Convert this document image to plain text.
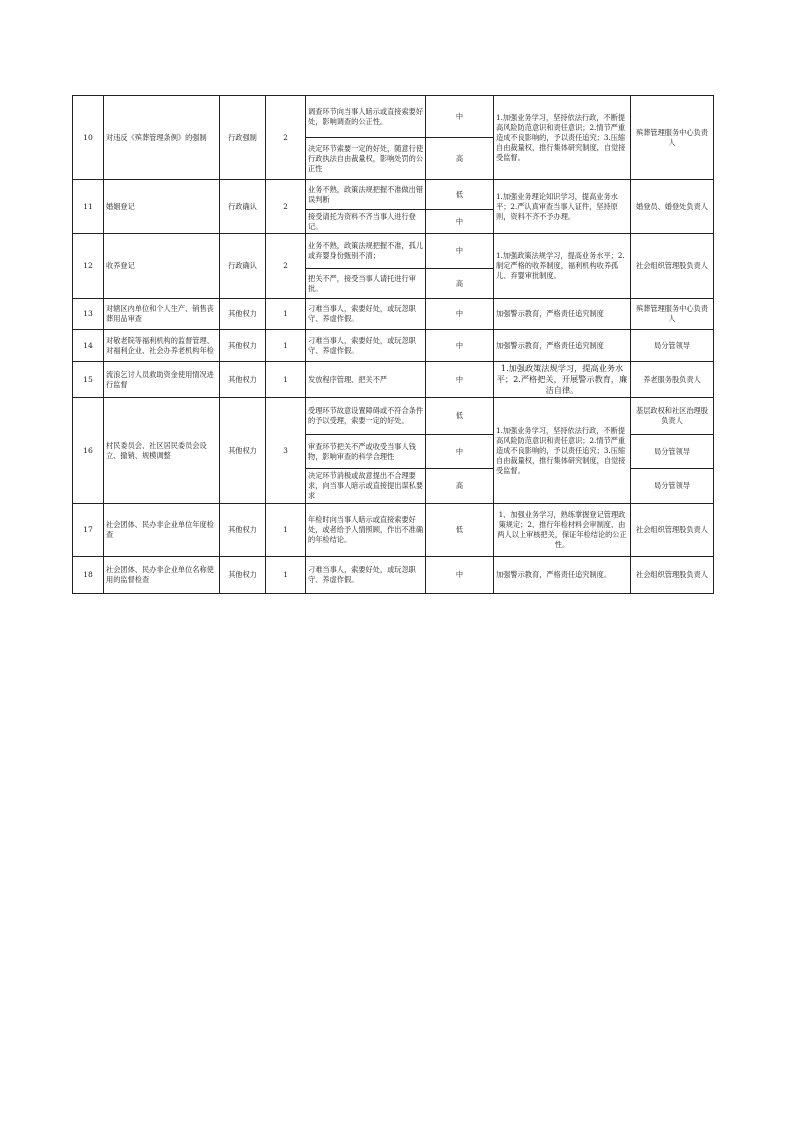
10	对违反《殡葬管理条例》的强制	行政强制	2	调查环节向当事人暗示或直接索要好处，影响调查的公正性。	中	1.加强业务学习，坚持依法行政，不断提高风险防范意识和责任意识；2.情节严重造成不良影响的，予以责任追究；3.压缩自由裁量权，推行集体研究制度，自觉接受监督。	殡葬管理服务中心负责人
				决定环节索要一定的好处，随意行使行政执法自由裁量权，影响处罚的公正性	高		
11	婚姻登记	行政确认	2	业务不熟，政策法规把握不准做出错误判断	低	1.加强业务理论知识学习，提高业务水平；2.严认真审查当事人证件，坚持原则，资料不齐不予办理。	婚登员、婚登处负责人
				接受请托为资料不齐当事人进行登记。	中		
12	收养登记	行政确认	2	业务不熟，政策法规把握不准，孤儿或弃婴身份甄别不清；	中	1.加强政策法规学习，提高业务水平；2.制定严格的收养制度，福利机构收养孤儿、弃婴审批制度。	社会组织管理股负责人
				把关不严，接受当事人请托进行审批。	高		
13	对辖区内单位和个人生产、销售丧葬用品审查	其他权力	1	刁难当事人，索要好处，或玩忽职守、养虚作假。	中	加强警示教育，严格责任追究制度	殡葬管理服务中心负责人
14	对敬老院等福利机构的监督管理、对福利企业、社会办养老机构年检	其他权力	1	刁难当事人，索要好处，或玩忽职守、养虚作假。	中	加强警示教育，严格责任追究制度	局分管领导
15	流浪乞讨人员救助资金使用情况进行监督	其他权力	1	发放程序管理、把关不严	中	1.加强政策法规学习，提高业务水平；2.严格把关，开展警示教育，廉洁自律。	养老服务股负责人
16	村民委员会、社区居民委员会设立、撤销、规模调整	其他权力	3	受理环节故意设置障碍或不符合条件的予以受理，索要一定的好处。	低	1.加强业务学习，坚持依法行政，不断提高风险防范意识和责任意识；2.情节严重造成不良影响的，予以责任追究；3.压缩自由裁量权，推行集体研究制度，自觉接受监督。	基层政权和社区治理股负责人
				审查环节把关不严或收受当事人钱物，影响审查的科学合理性	中		局分管领导
				决定环节消极或故意提出不合理要求，向当事人暗示或直接提出谋私要求	高		局分管领导
17	社会团体、民办非企业单位年度检查	其他权力	1	年检时向当事人暗示或直接索要好处，或者给予人情照顾，作出不准确的年检结论。	低	1、加强业务学习，熟练掌握登记管理政策规定；2、推行年检材料会审制度、由两人以上审核把关，保证年检结论的公正性。	社会组织管理股负责人
18	社会团体、民办非企业单位名称使用的监督检查	其他权力	1	刁难当事人，索要好处，或玩忽职守、养虚作假。	中	加强警示教育，严格责任追究制度。	社会组织管理股负责人
